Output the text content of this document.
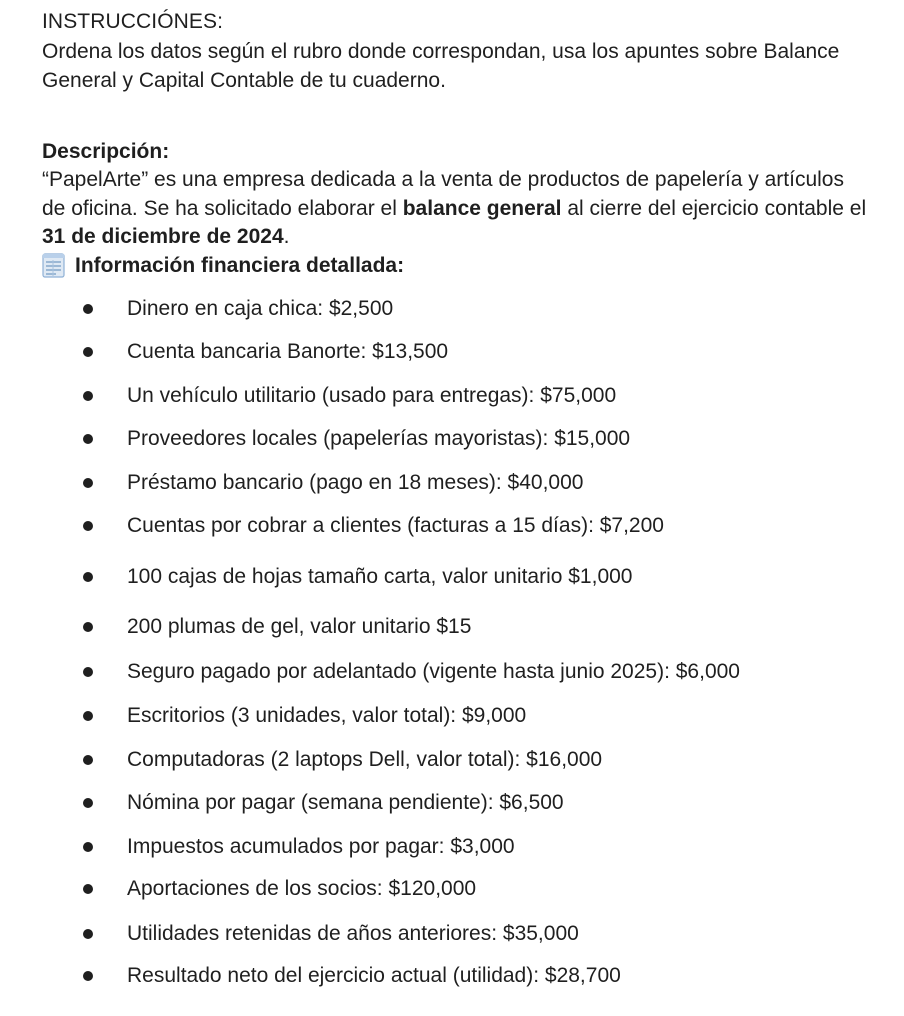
INSTRUCCIÓNES:
Ordena los datos según el rubro donde correspondan, usa los apuntes sobre Balance General y Capital Contable de tu cuaderno.
Descripción:
“PapelArte” es una empresa dedicada a la venta de productos de papelería y artículos de oficina. Se ha solicitado elaborar el balance general al cierre del ejercicio contable el 31 de diciembre de 2024.
Información financiera detallada:
Dinero en caja chica: $2,500
Cuenta bancaria Banorte: $13,500
Un vehículo utilitario (usado para entregas): $75,000
Proveedores locales (papelerías mayoristas): $15,000
Préstamo bancario (pago en 18 meses): $40,000
Cuentas por cobrar a clientes (facturas a 15 días): $7,200
100 cajas de hojas tamaño carta, valor unitario $1,000
200 plumas de gel, valor unitario $15
Seguro pagado por adelantado (vigente hasta junio 2025): $6,000
Escritorios (3 unidades, valor total): $9,000
Computadoras (2 laptops Dell, valor total): $16,000
Nómina por pagar (semana pendiente): $6,500
Impuestos acumulados por pagar: $3,000
Aportaciones de los socios: $120,000
Utilidades retenidas de años anteriores: $35,000
Resultado neto del ejercicio actual (utilidad): $28,700
